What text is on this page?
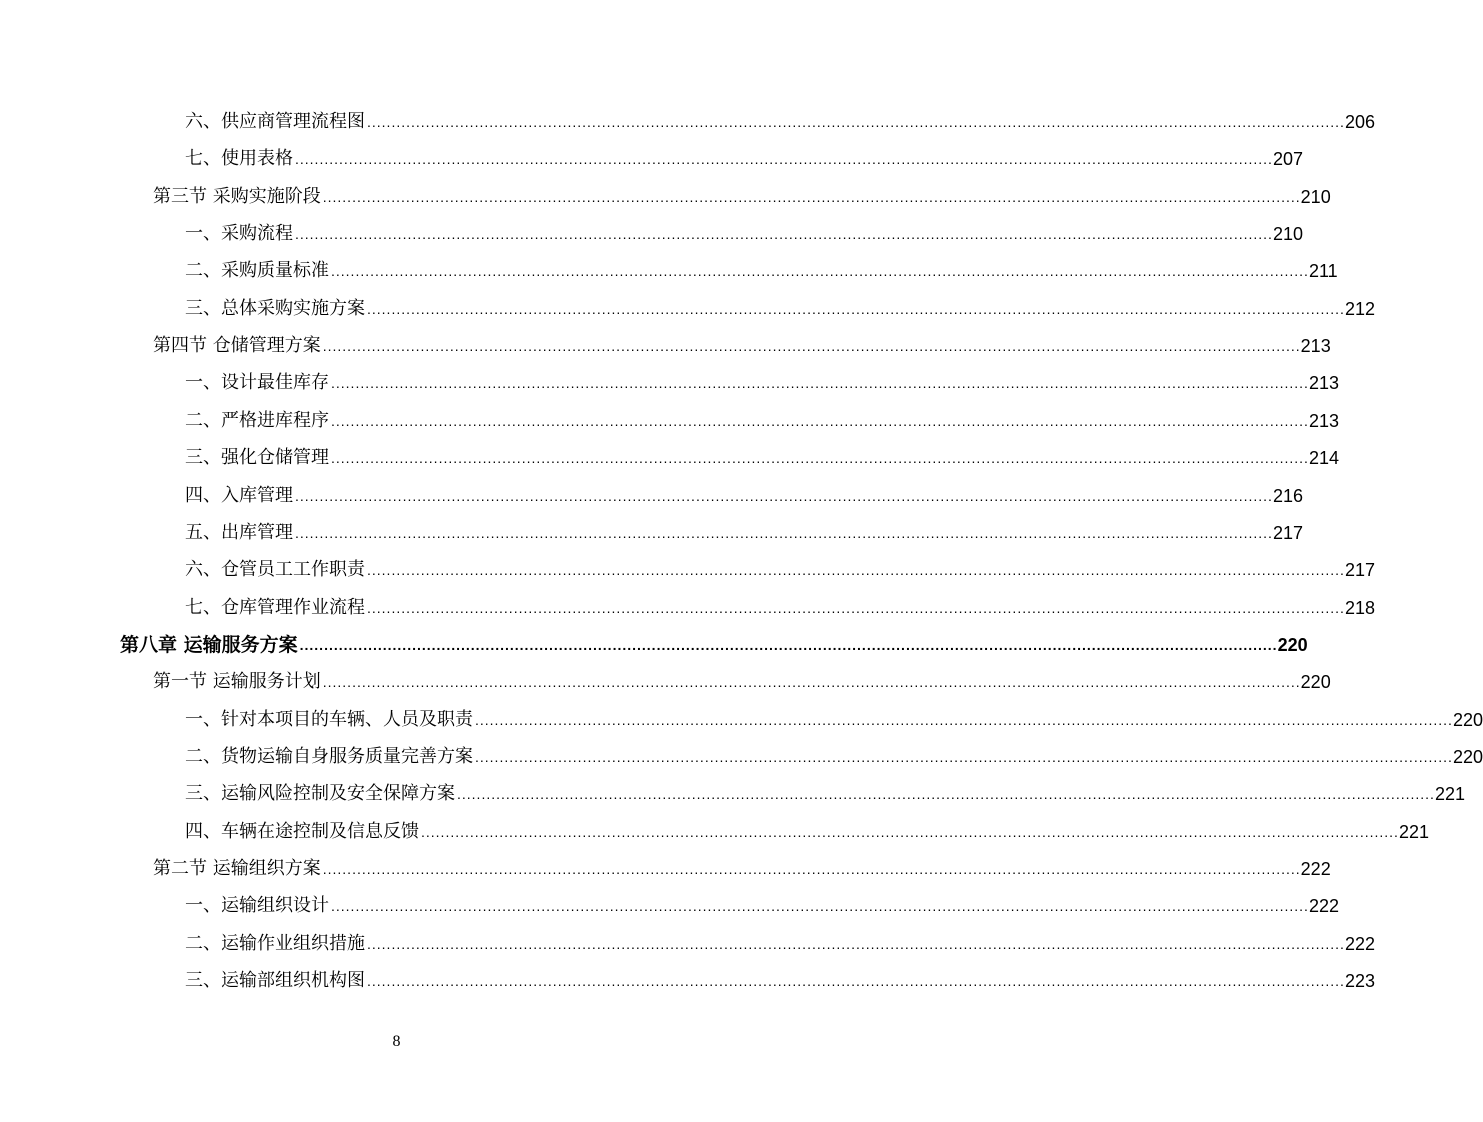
六、供应商管理流程图 ........................................................................................................................................................................................................ 206
七、使用表格 ........................................................................................................................................................................................................ 207
第三节 采购实施阶段 ........................................................................................................................................................................................................ 210
一、采购流程 ........................................................................................................................................................................................................ 210
二、采购质量标准 ........................................................................................................................................................................................................ 211
三、总体采购实施方案 ........................................................................................................................................................................................................ 212
第四节 仓储管理方案 ........................................................................................................................................................................................................ 213
一、设计最佳库存 ........................................................................................................................................................................................................ 213
二、严格进库程序 ........................................................................................................................................................................................................ 213
三、强化仓储管理 ........................................................................................................................................................................................................ 214
四、入库管理 ........................................................................................................................................................................................................ 216
五、出库管理 ........................................................................................................................................................................................................ 217
六、仓管员工工作职责 ........................................................................................................................................................................................................ 217
七、仓库管理作业流程 ........................................................................................................................................................................................................ 218
第八章 运输服务方案 ........................................................................................................................................................................................................ 220
第一节 运输服务计划 ........................................................................................................................................................................................................ 220
一、针对本项目的车辆、人员及职责 ........................................................................................................................................................................................................ 220
二、货物运输自身服务质量完善方案 ........................................................................................................................................................................................................ 220
三、运输风险控制及安全保障方案 ........................................................................................................................................................................................................ 221
四、车辆在途控制及信息反馈 ........................................................................................................................................................................................................ 221
第二节 运输组织方案 ........................................................................................................................................................................................................ 222
一、运输组织设计 ........................................................................................................................................................................................................ 222
二、运输作业组织措施 ........................................................................................................................................................................................................ 222
三、运输部组织机构图 ........................................................................................................................................................................................................ 223
8
